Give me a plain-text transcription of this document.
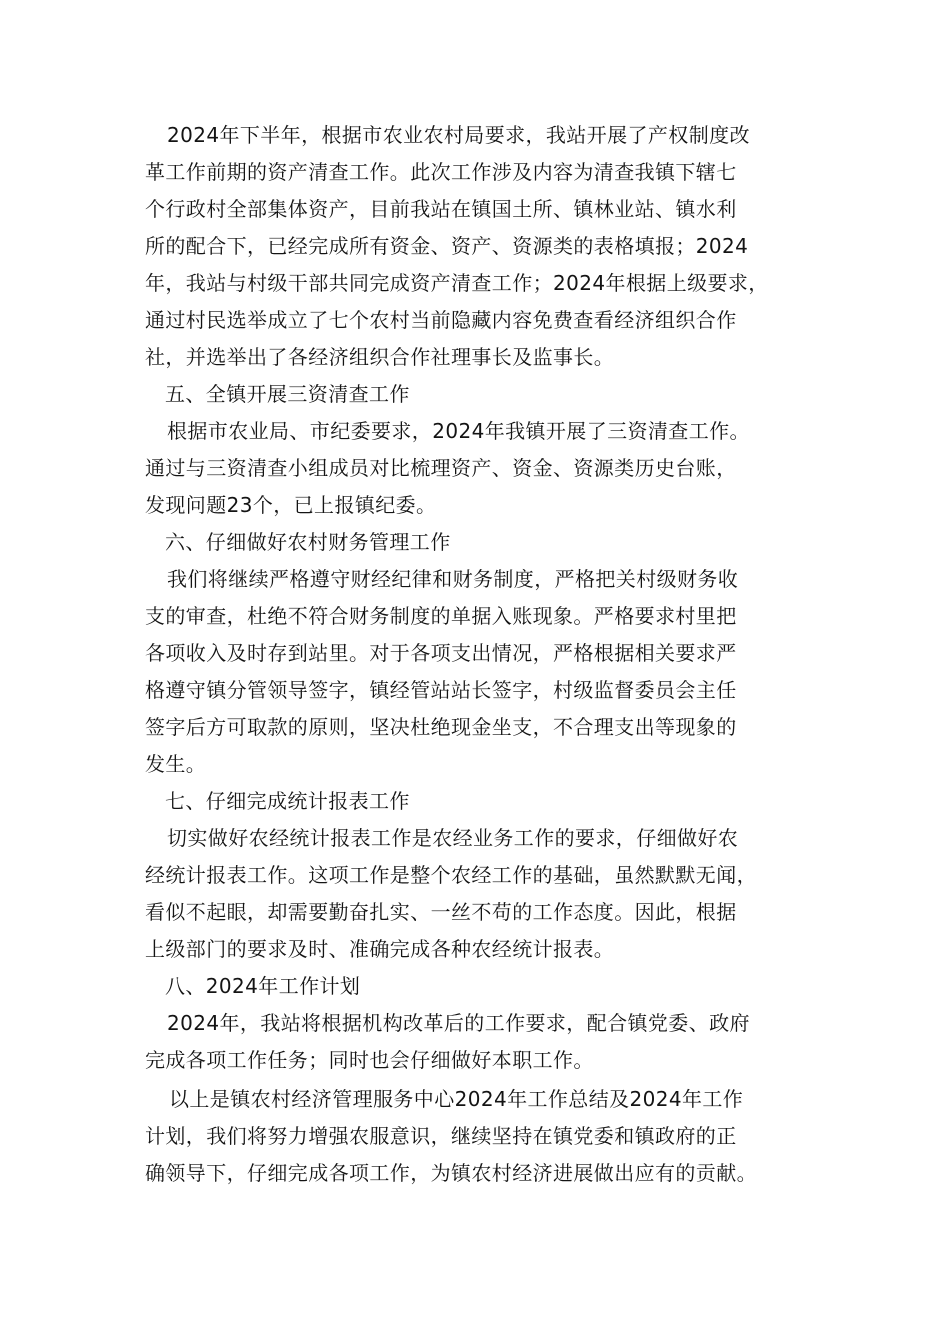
2024年下半年，根据市农业农村局要求，我站开展了产权制度改
革工作前期的资产清查工作。此次工作涉及内容为清查我镇下辖七
个行政村全部集体资产，目前我站在镇国土所、镇林业站、镇水利
所的配合下，已经完成所有资金、资产、资源类的表格填报；2024
年，我站与村级干部共同完成资产清查工作；2024年根据上级要求，
通过村民选举成立了七个农村当前隐藏内容免费查看经济组织合作
社，并选举出了各经济组织合作社理事长及监事长。
五、全镇开展三资清查工作
根据市农业局、市纪委要求，2024年我镇开展了三资清查工作。
通过与三资清查小组成员对比梳理资产、资金、资源类历史台账，
发现问题23个，已上报镇纪委。
六、仔细做好农村财务管理工作
我们将继续严格遵守财经纪律和财务制度，严格把关村级财务收
支的审查，杜绝不符合财务制度的单据入账现象。严格要求村里把
各项收入及时存到站里。对于各项支出情况，严格根据相关要求严
格遵守镇分管领导签字，镇经管站站长签字，村级监督委员会主任
签字后方可取款的原则，坚决杜绝现金坐支，不合理支出等现象的
发生。
七、仔细完成统计报表工作
切实做好农经统计报表工作是农经业务工作的要求，仔细做好农
经统计报表工作。这项工作是整个农经工作的基础，虽然默默无闻，
看似不起眼，却需要勤奋扎实、一丝不苟的工作态度。因此，根据
上级部门的要求及时、准确完成各种农经统计报表。
八、2024年工作计划
2024年，我站将根据机构改革后的工作要求，配合镇党委、政府
完成各项工作任务；同时也会仔细做好本职工作。
以上是镇农村经济管理服务中心2024年工作总结及2024年工作
计划，我们将努力增强农服意识，继续坚持在镇党委和镇政府的正
确领导下，仔细完成各项工作，为镇农村经济进展做出应有的贡献。
